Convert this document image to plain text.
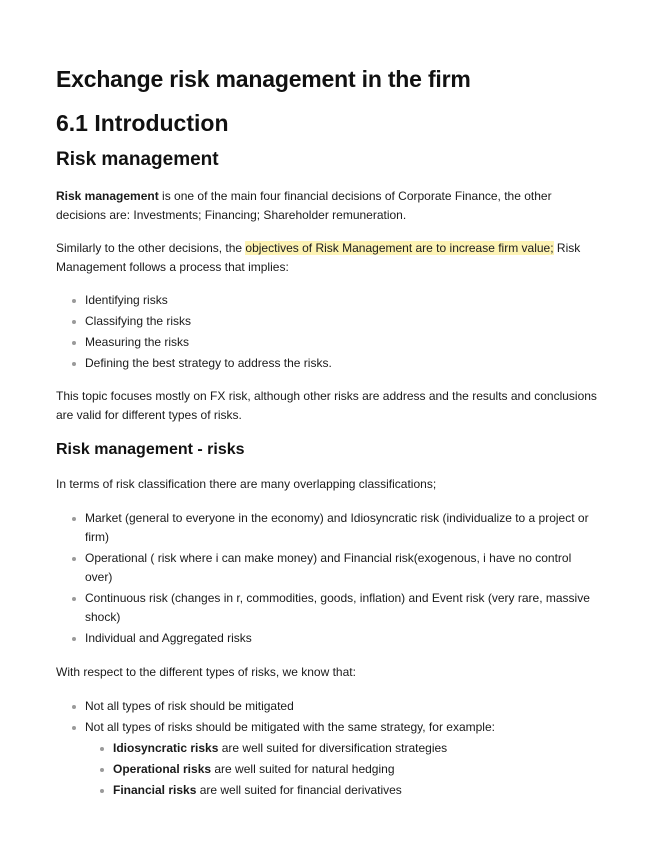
Exchange risk management in the firm
6.1 Introduction
Risk management

Risk management is one of the main four financial decisions of Corporate Finance, the other decisions are: Investments; Financing; Shareholder remuneration.

Similarly to the other decisions, the objectives of Risk Management are to increase firm value; Risk Management follows a process that implies:

Identifying risks
Classifying the risks
Measuring the risks
Defining the best strategy to address the risks.

This topic focuses mostly on FX risk, although other risks are address and the results and conclusions are valid for different types of risks.

Risk management - risks

In terms of risk classification there are many overlapping classifications;

Market (general to everyone in the economy) and Idiosyncratic risk (individualize to a project or firm)
Operational ( risk where i can make money) and Financial risk(exogenous, i have no control over)
Continuous risk (changes in r, commodities, goods, inflation) and Event risk (very rare, massive shock)
Individual and Aggregated risks

With respect to the different types of risks, we know that:

Not all types of risk should be mitigated
Not all types of risks should be mitigated with the same strategy, for example:
Idiosyncratic risks are well suited for diversification strategies
Operational risks are well suited for natural hedging
Financial risks are well suited for financial derivatives
